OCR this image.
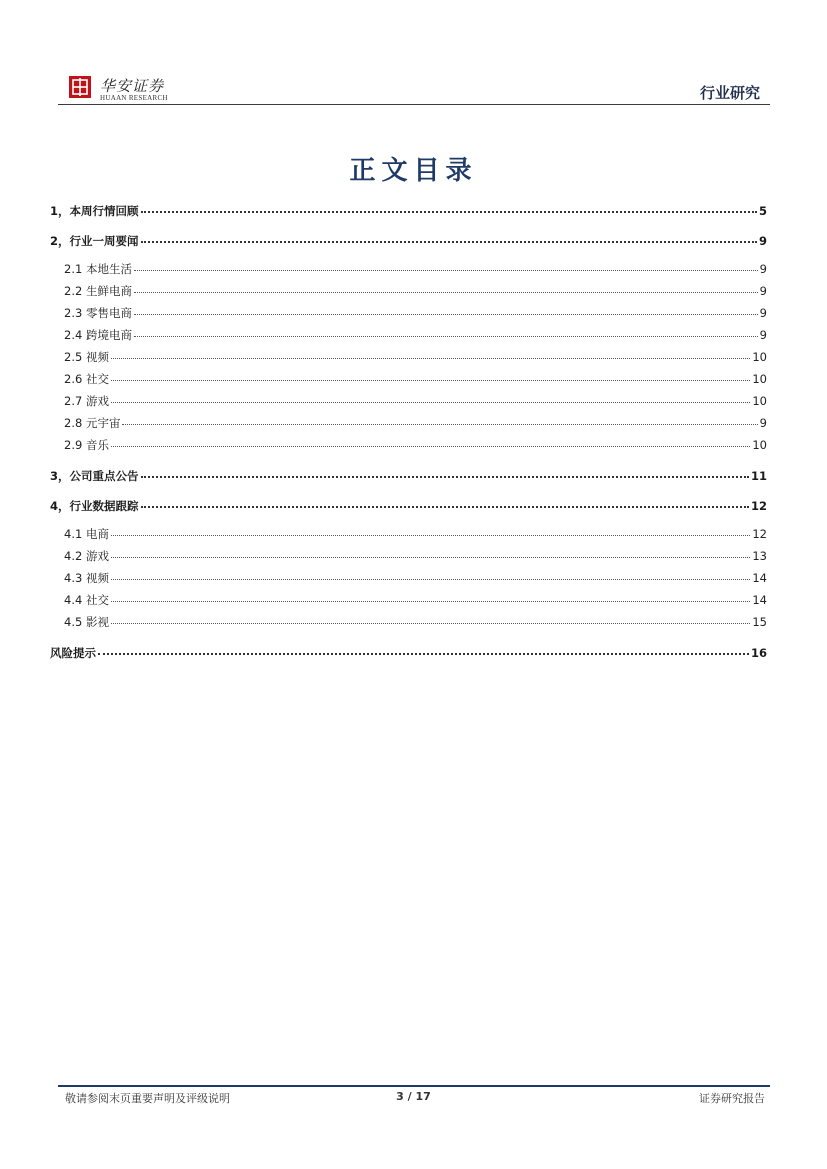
华安证券
HUAAN RESEARCH	行业研究
正文目录
1，本周行情回顾	5
2，行业一周要闻	9
2.1 本地生活	9
2.2 生鲜电商	9
2.3 零售电商	9
2.4 跨境电商	9
2.5 视频	10
2.6 社交	10
2.7 游戏	10
2.8 元宇宙	9
2.9 音乐	10
3，公司重点公告	11
4，行业数据跟踪	12
4.1 电商	12
4.2 游戏	13
4.3 视频	14
4.4 社交	14
4.5 影视	15
风险提示	16
敬请参阅末页重要声明及评级说明	3 / 17	证券研究报告
